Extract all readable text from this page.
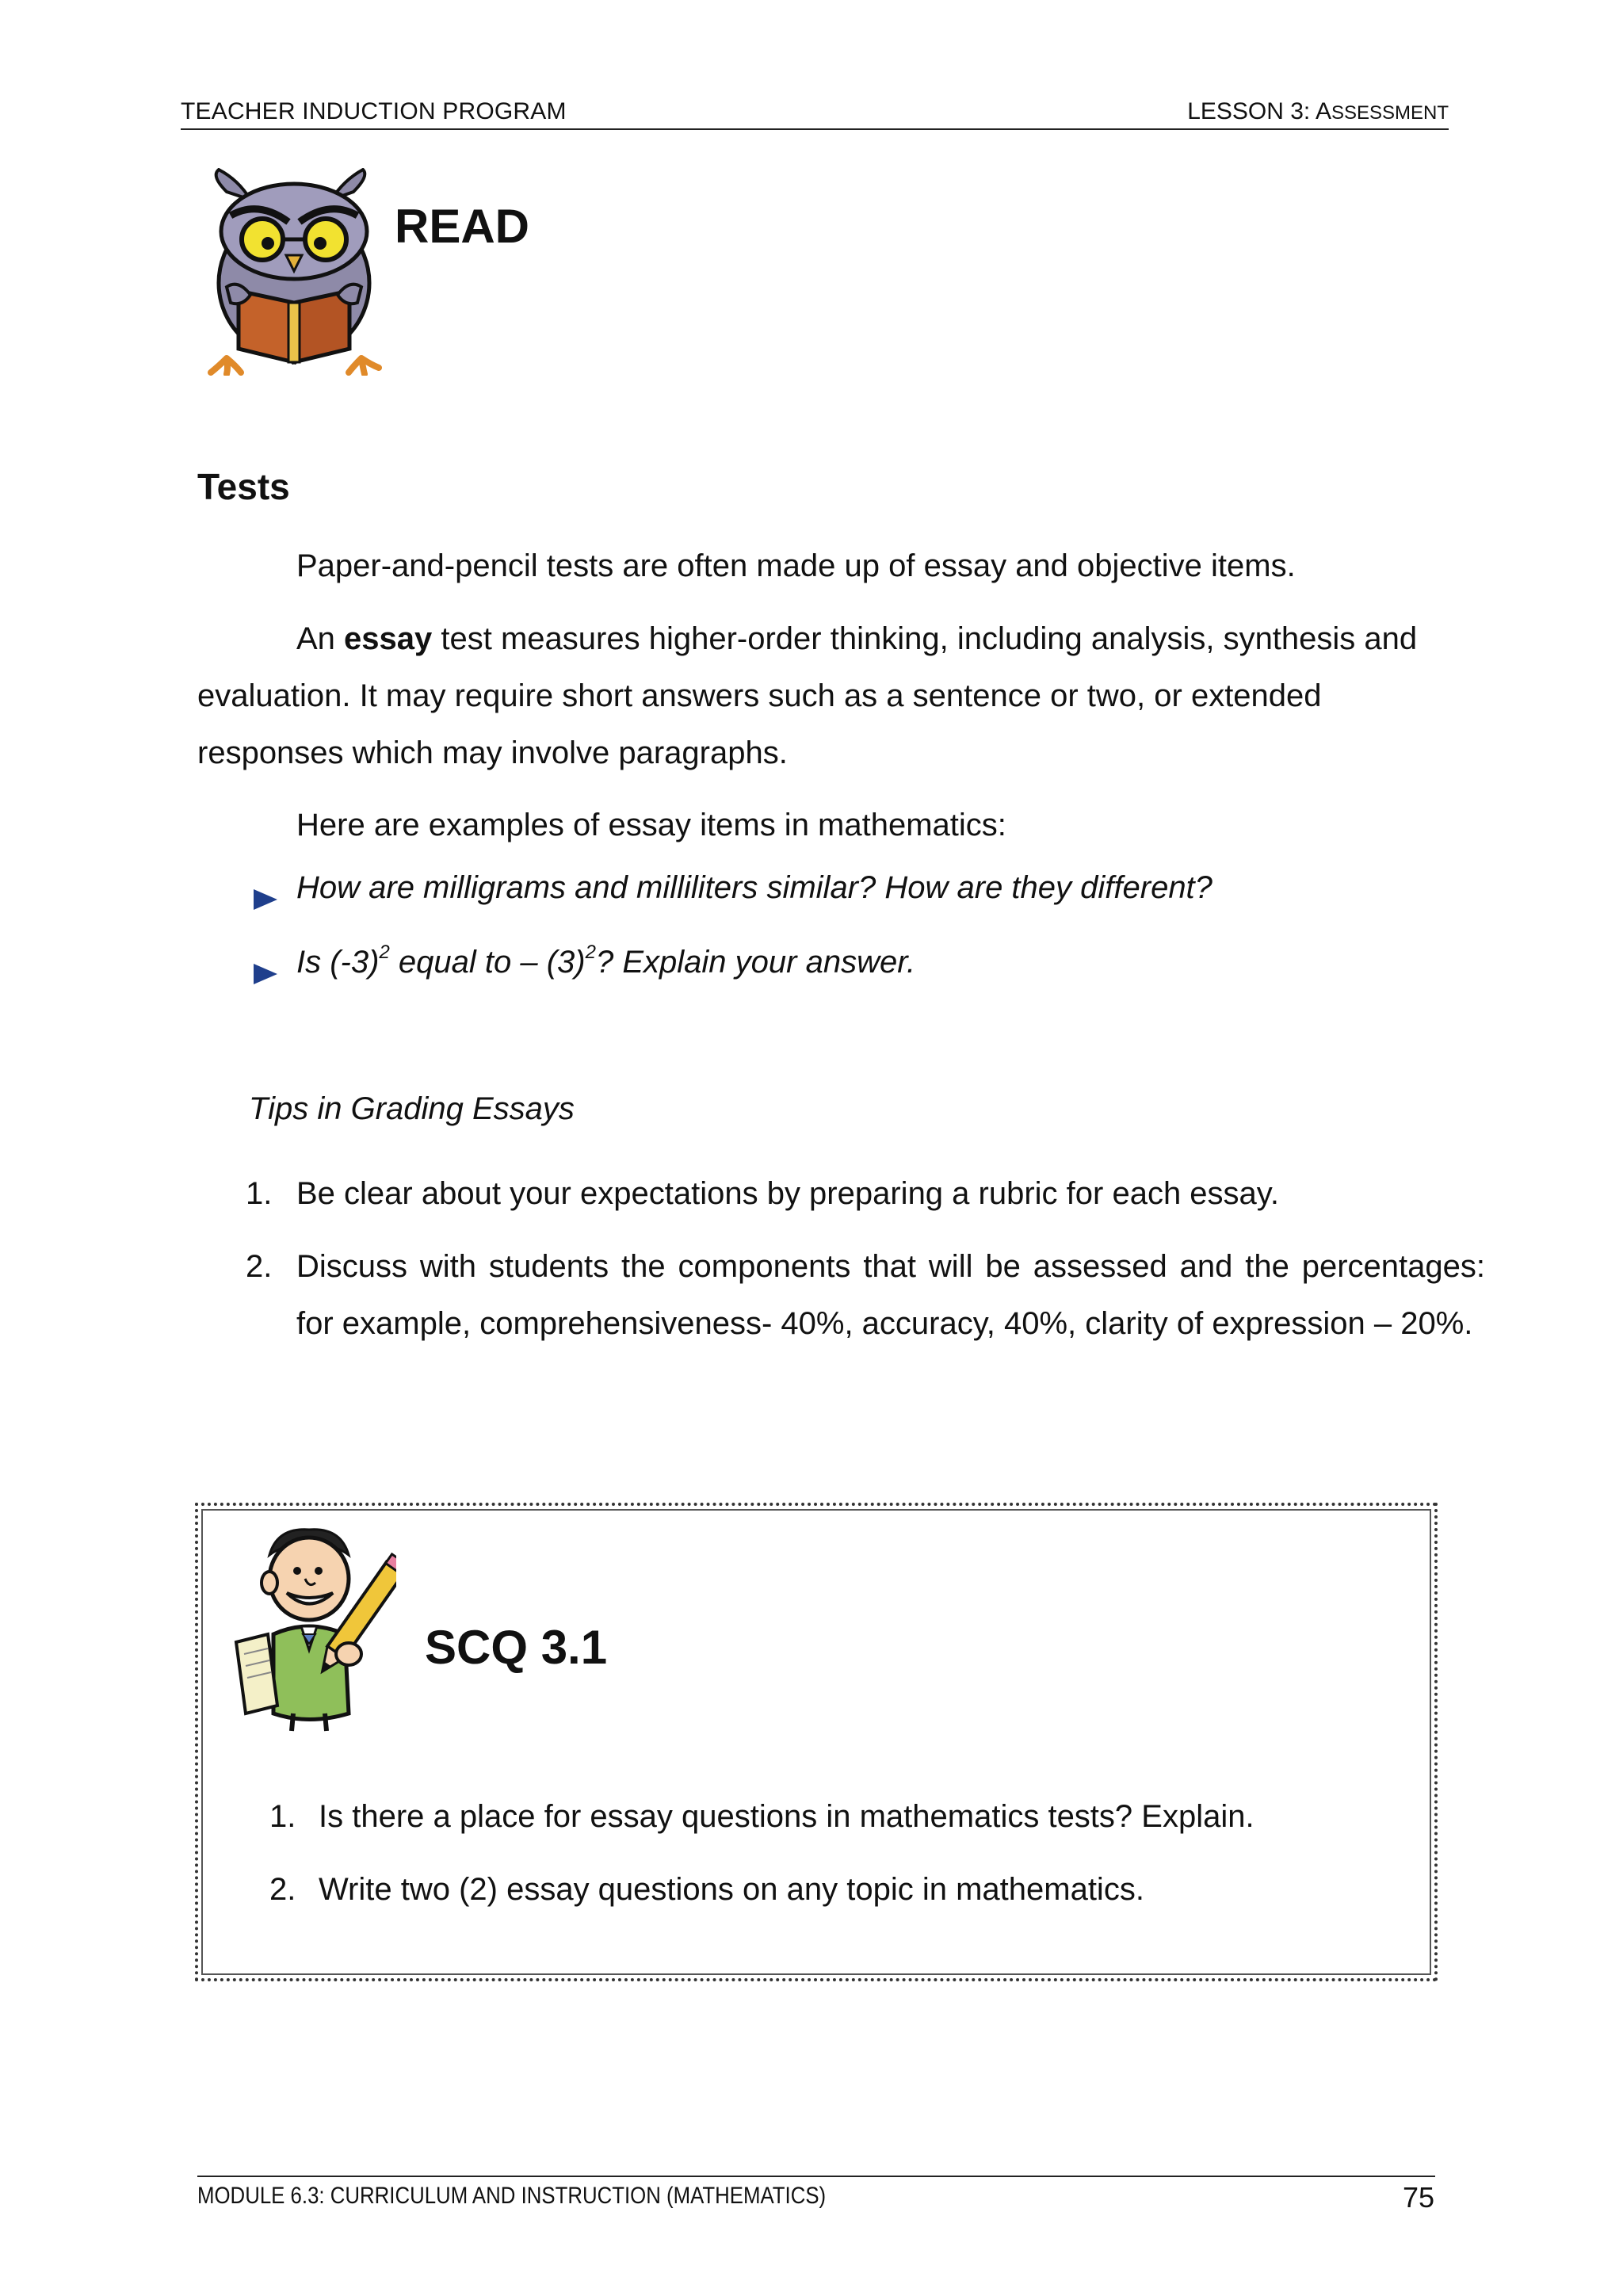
TEACHER INDUCTION PROGRAM	LESSON 3: ASSESSMENT
READ
Tests
Paper-and-pencil tests are often made up of essay and objective items.
An essay test measures higher-order thinking, including analysis, synthesis and evaluation. It may require short answers such as a sentence or two, or extended responses which may involve paragraphs.
Here are examples of essay items in mathematics:
How are milligrams and milliliters similar? How are they different?
Is $(-3)^2$ equal to – $(3)^2$? Explain your answer.
Tips in Grading Essays
1. Be clear about your expectations by preparing a rubric for each essay.
2. Discuss with students the components that will be assessed and the percentages: for example, comprehensiveness- 40%, accuracy, 40%, clarity of expression – 20%.
SCQ 3.1
1. Is there a place for essay questions in mathematics tests? Explain.
2. Write two (2) essay questions on any topic in mathematics.
MODULE 6.3: CURRICULUM AND INSTRUCTION (MATHEMATICS)	75
